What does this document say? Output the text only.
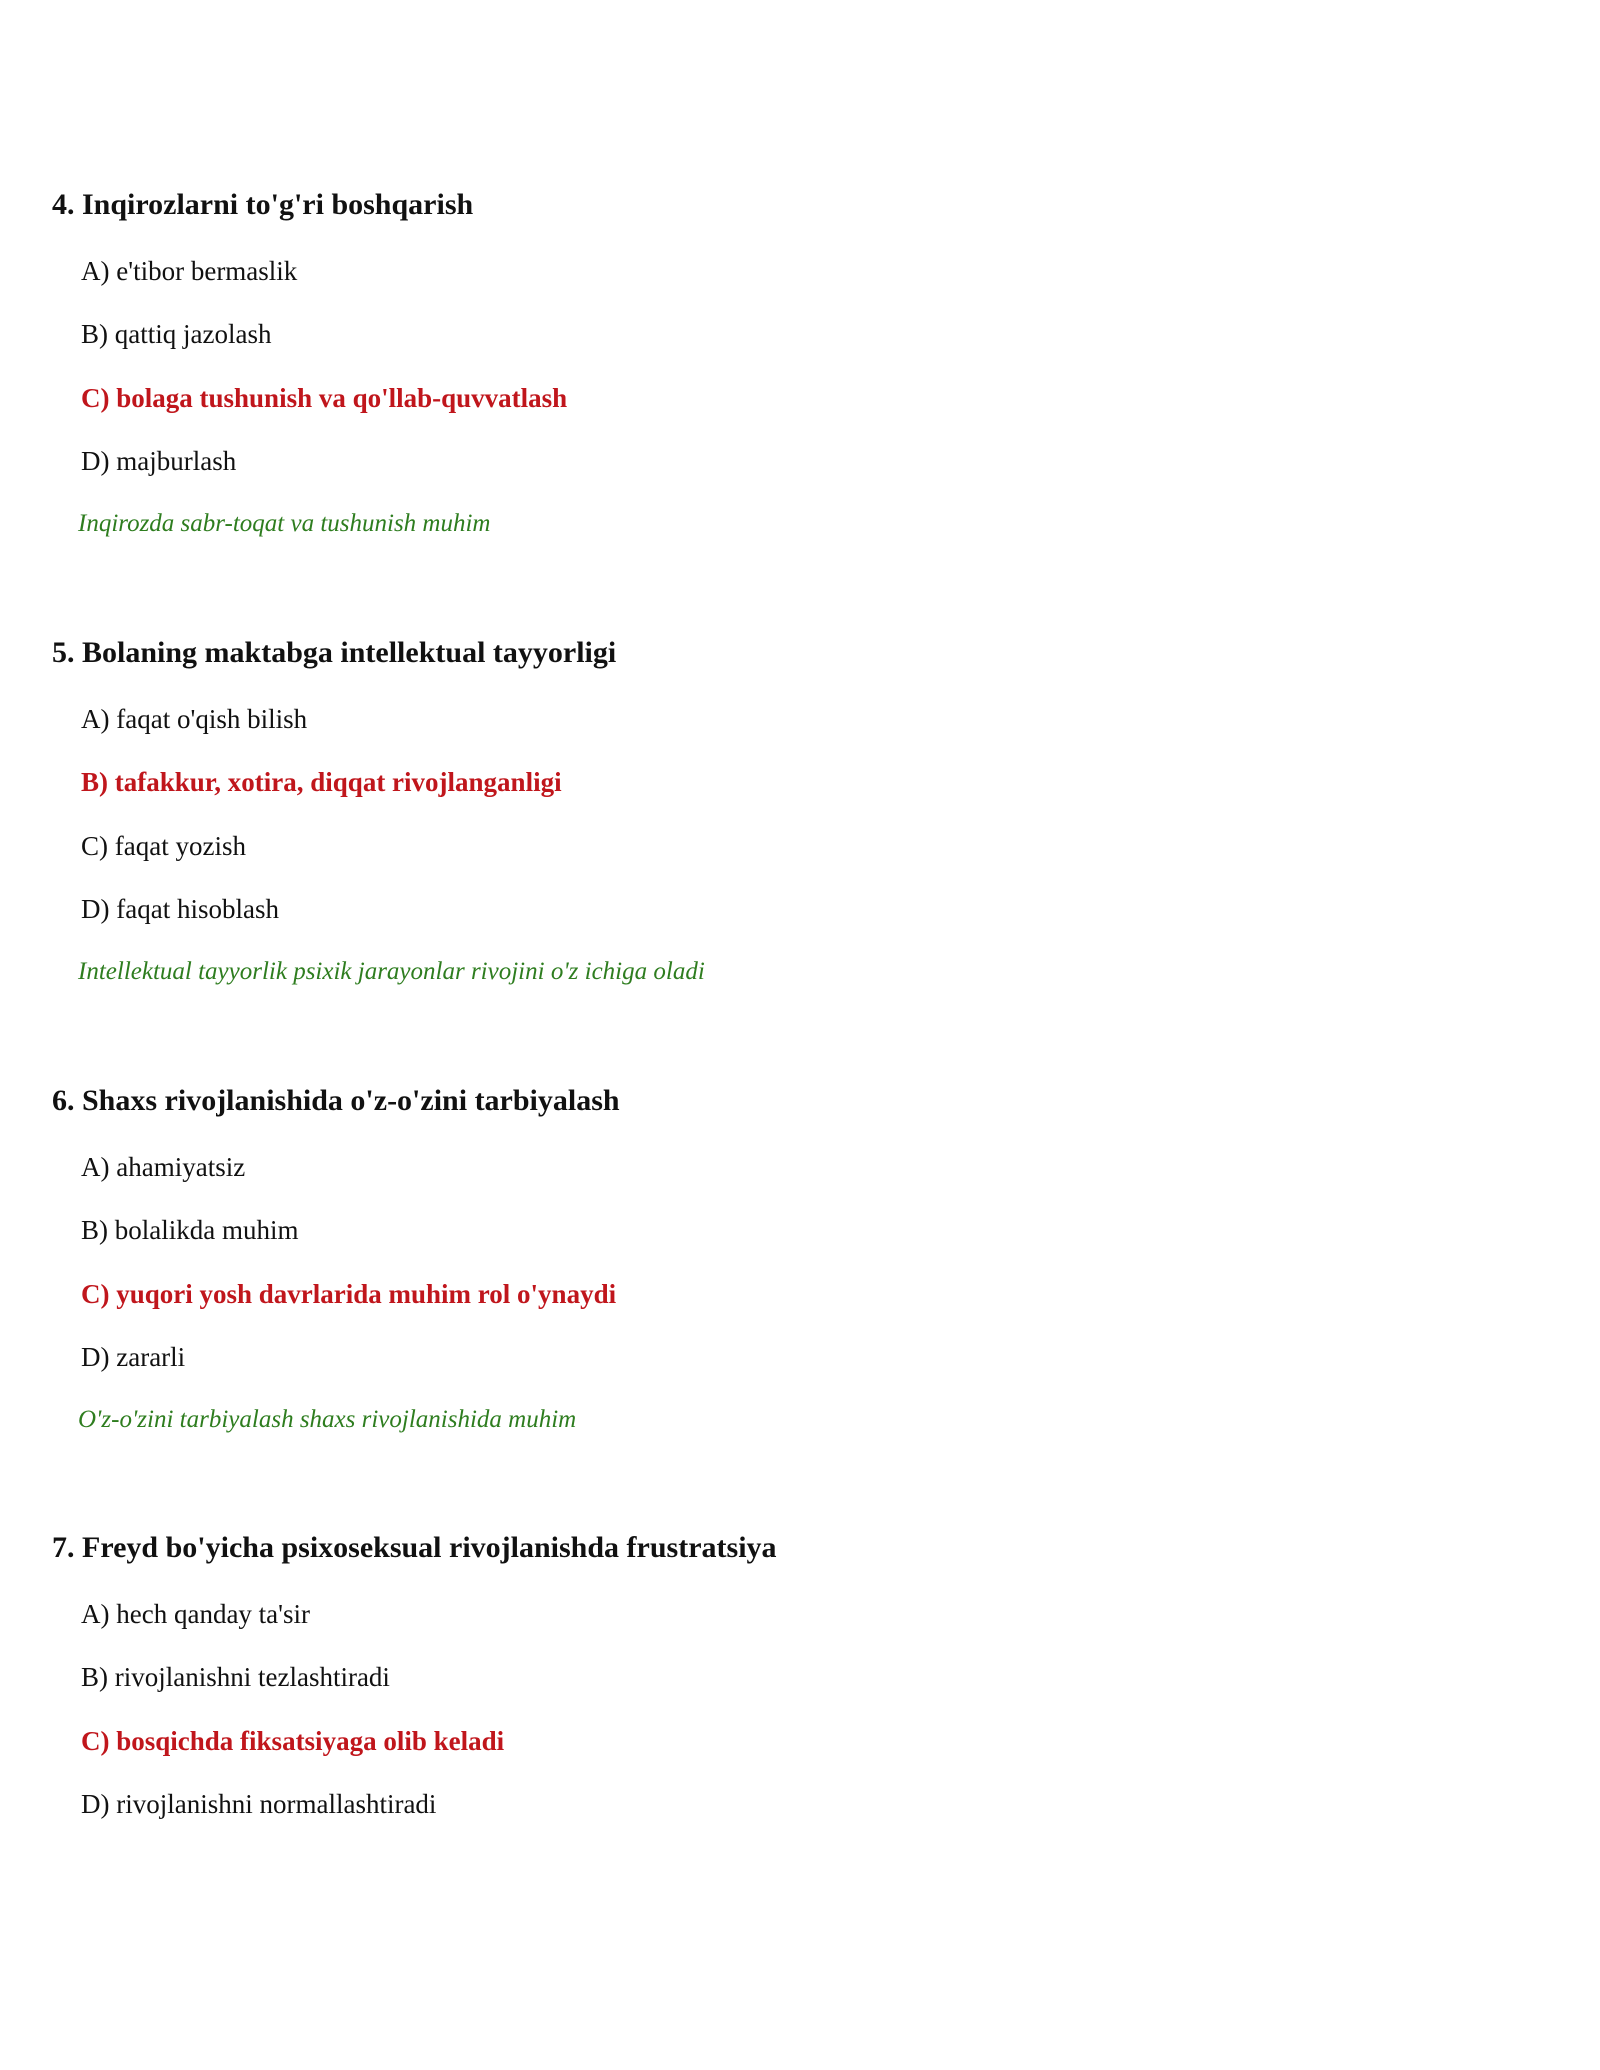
4. Inqirozlarni to'g'ri boshqarish
A) e'tibor bermaslik
B) qattiq jazolash
C) bolaga tushunish va qo'llab-quvvatlash
D) majburlash
Inqirozda sabr-toqat va tushunish muhim
5. Bolaning maktabga intellektual tayyorligi
A) faqat o'qish bilish
B) tafakkur, xotira, diqqat rivojlanganligi
C) faqat yozish
D) faqat hisoblash
Intellektual tayyorlik psixik jarayonlar rivojini o'z ichiga oladi
6. Shaxs rivojlanishida o'z-o'zini tarbiyalash
A) ahamiyatsiz
B) bolalikda muhim
C) yuqori yosh davrlarida muhim rol o'ynaydi
D) zararli
O'z-o'zini tarbiyalash shaxs rivojlanishida muhim
7. Freyd bo'yicha psixoseksual rivojlanishda frustratsiya
A) hech qanday ta'sir
B) rivojlanishni tezlashtiradi
C) bosqichda fiksatsiyaga olib keladi
D) rivojlanishni normallashtiradi
